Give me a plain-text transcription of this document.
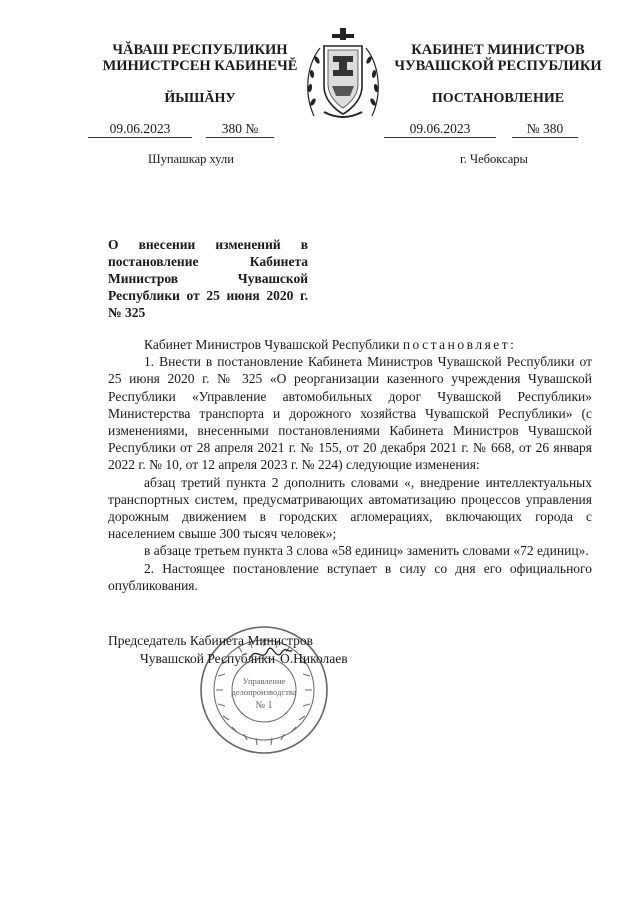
ЧĂВАШ РЕСПУБЛИКИН
МИНИСТРСЕН КАБИНЕЧĔ
КАБИНЕТ МИНИСТРОВ
ЧУВАШСКОЙ РЕСПУБЛИКИ
ЙЫШĂНУ	ПОСТАНОВЛЕНИЕ
09.06.2023	380 №	09.06.2023	№ 380
Шупашкар хули	г. Чебоксары
О внесении изменений в постановление Кабинета Министров Чувашской Республики от 25 июня 2020 г. № 325

Кабинет Министров Чувашской Республики постановляет:

1. Внести в постановление Кабинета Министров Чувашской Республики от 25 июня 2020 г. № 325 «О реорганизации казенного учреждения Чувашской Республики «Управление автомобильных дорог Чувашской Республики» Министерства транспорта и дорожного хозяйства Чувашской Республики» (с изменениями, внесенными постановлениями Кабинета Министров Чувашской Республики от 28 апреля 2021 г. № 155, от 20 декабря 2021 г. № 668, от 26 января 2022 г. № 10, от 12 апреля 2023 г. № 224) следующие изменения:

абзац третий пункта 2 дополнить словами «, внедрение интеллектуальных транспортных систем, предусматривающих автоматизацию процессов управления дорожным движением в городских агломерациях, включающих города с населением свыше 300 тысяч человек»;

в абзаце третьем пункта 3 слова «58 единиц» заменить словами «72 единиц».

2. Настоящее постановление вступает в силу со дня его официального опубликования.

Управление
делопроизводства
№ 1
Председатель Кабинета Министров
Чувашской Республики О.Николаев
